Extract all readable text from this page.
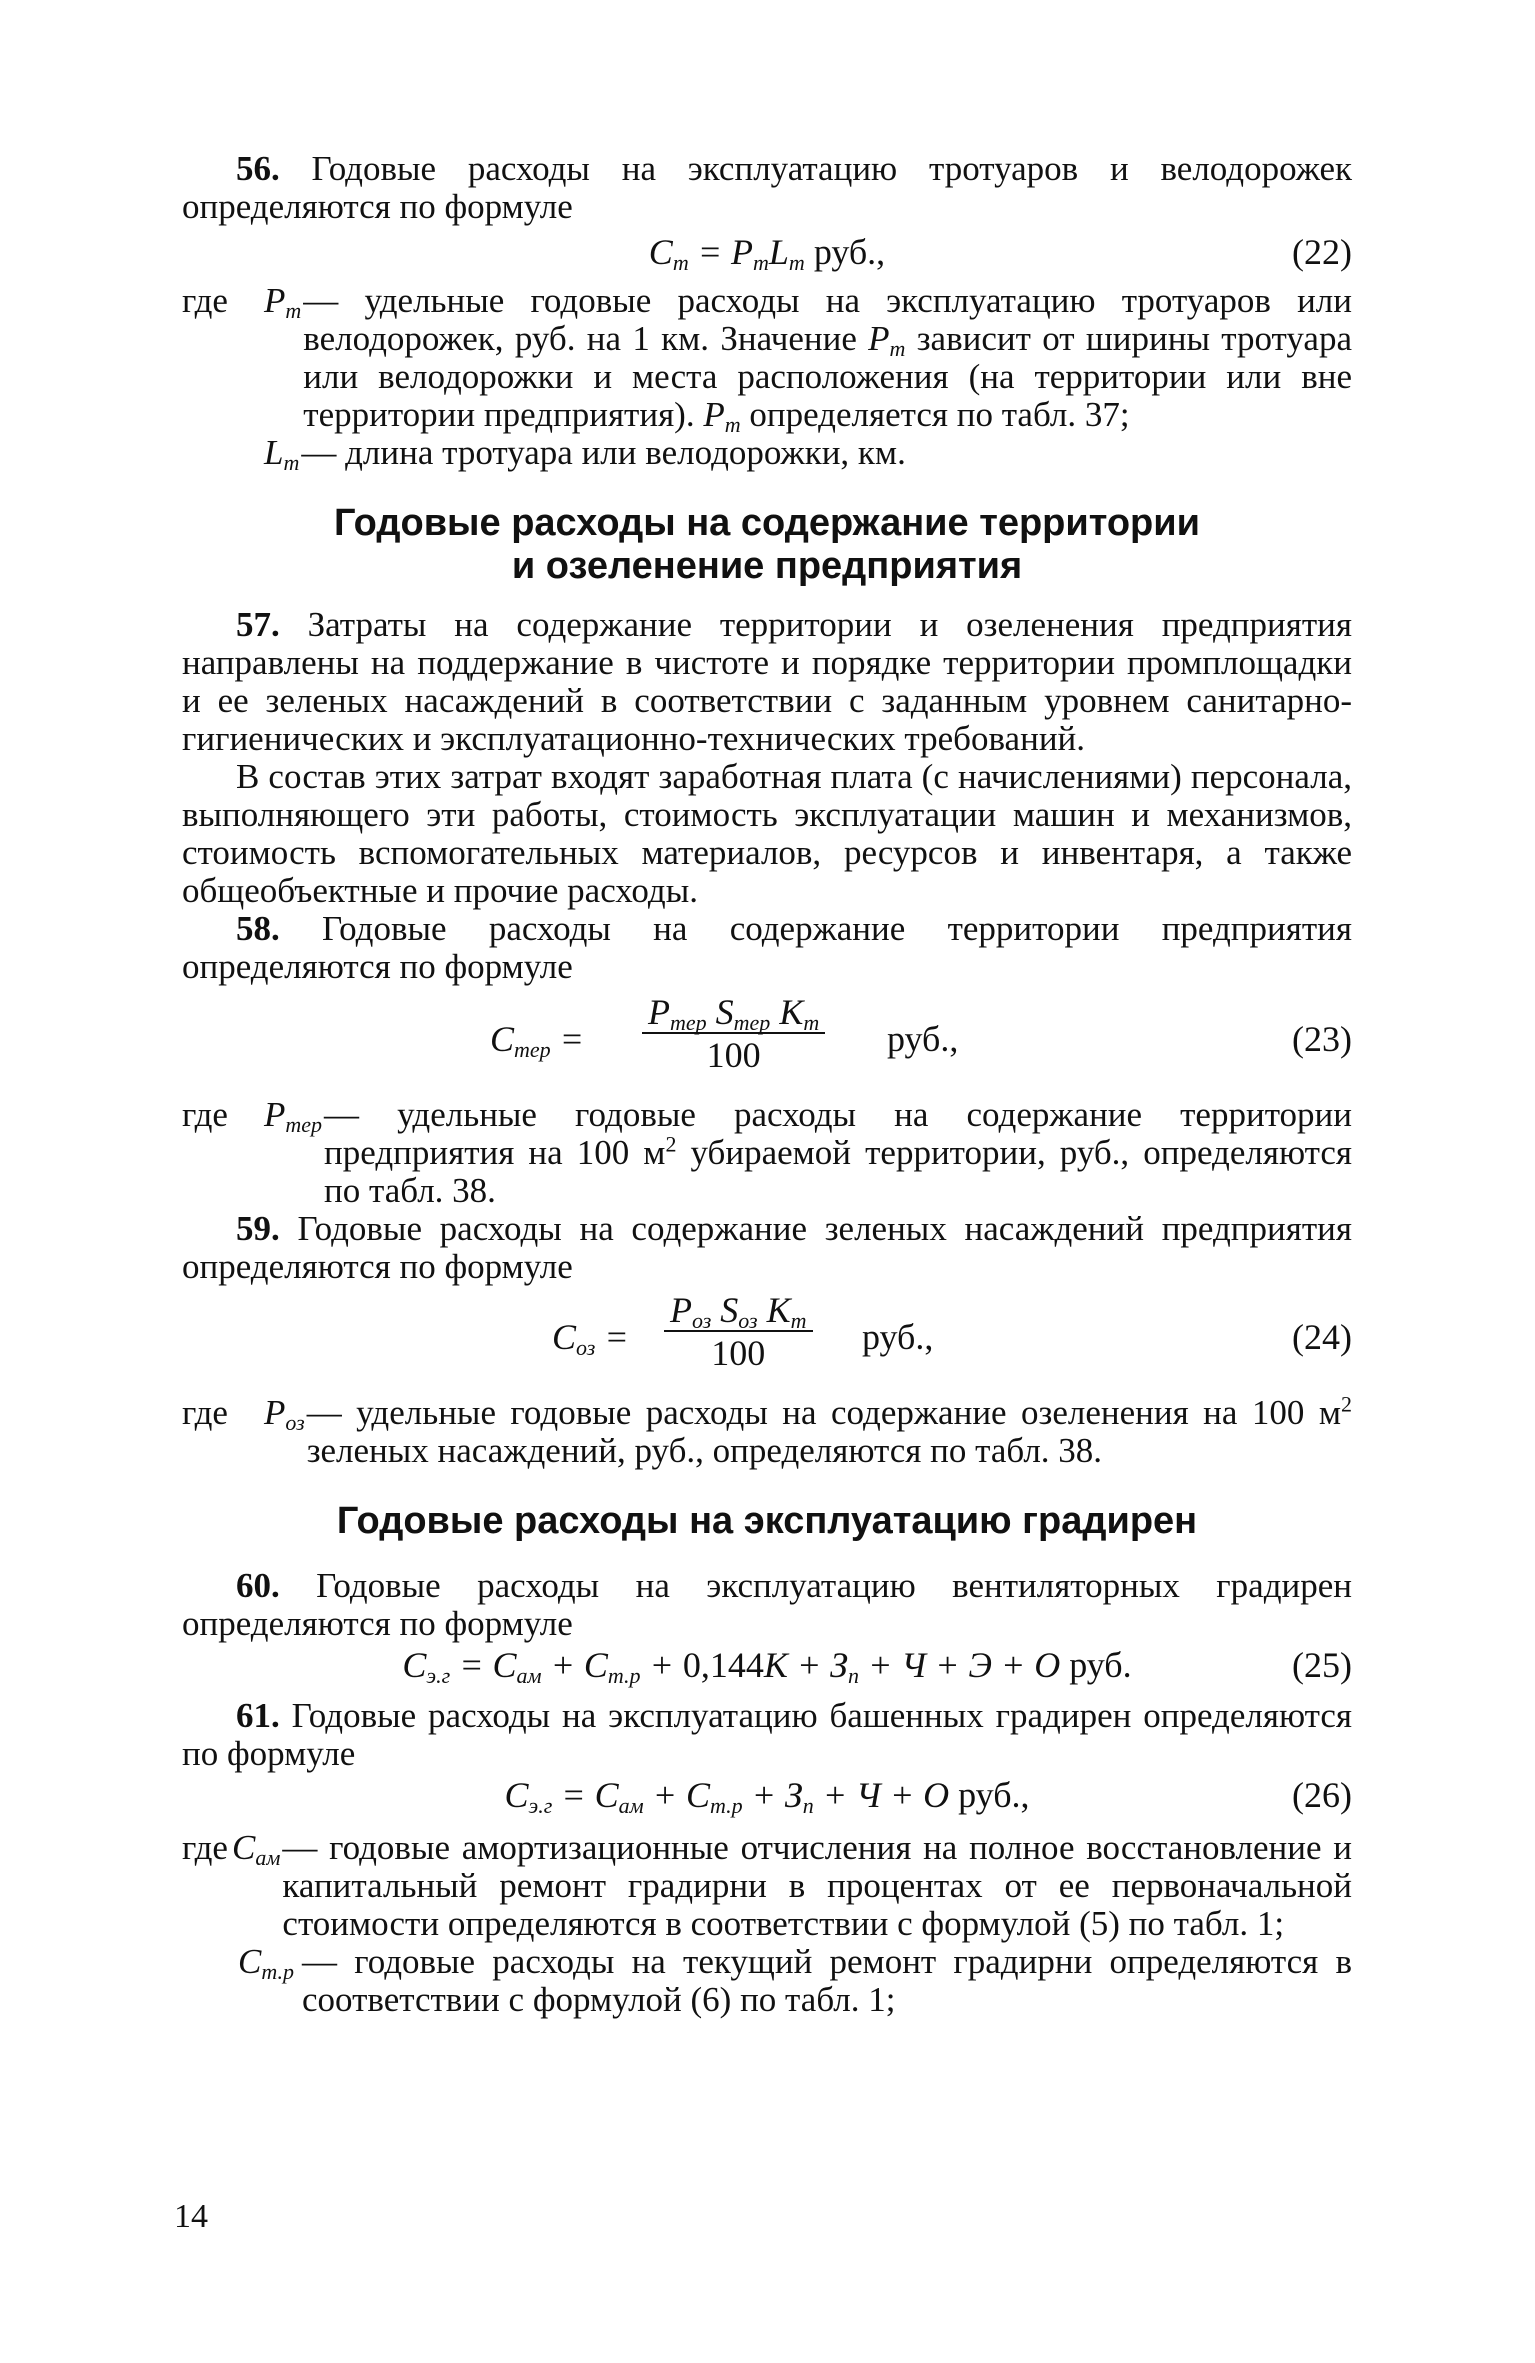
56. Годовые расходы на эксплуатацию тротуаров и велодорожек определяются по формуле

$C_т = P_тL_т$ руб.,	(22)
где	$P_т$ — удельные годовые расходы на эксплуатацию тротуаров или велодорожек, руб. на 1 км. Значение $P_т$ зависит от ширины тротуара или велодорожки и места расположения (на территории или вне территории предприятия). $P_т$ определяется по табл. 37;
$L_т$ — длина тротуара или велодорожки, км.

Годовые расходы на содержание территории

и озеленение предприятия

57. Затраты на содержание территории и озеленения предприятия направлены на поддержание в чистоте и порядке территории промплощадки и ее зеленых насаждений в соответствии с заданным уровнем санитарно-гигиенических и эксплуатационно-технических требований.

В состав этих затрат входят заработная плата (с начислениями) персонала, выполняющего эти работы, стоимость эксплуатации машин и механизмов, стоимость вспомогательных материалов, ресурсов и инвентаря, а также общеобъектные и прочие расходы.

58. Годовые расходы на содержание территории предприятия определяются по формуле

$C_{тер}$ =
$P_{тер}$ $S_{тер}$ $K_т$
100	руб.,	(23)
где	$P_{тер}$ — удельные годовые расходы на содержание территории предприятия на 100 $м^2$ убираемой территории, руб., определяются по табл. 38.

59. Годовые расходы на содержание зеленых насаждений предприятия определяются по формуле

$C_{оз}$ =
$P_{оз}$ $S_{оз}$ $K_т$
100	руб.,	(24)
где	$P_{оз}$ — удельные годовые расходы на содержание озеленения на 100 $м^2$ зеленых насаждений, руб., определяются по табл. 38.

Годовые расходы на эксплуатацию градирен

60. Годовые расходы на эксплуатацию вентиляторных градирен определяются по формуле

$C_{э.г} = C_{ам} + C_{т.р} + 0,144K + З_п + Ч + Э + О$ руб.	(25)

61. Годовые расходы на эксплуатацию башенных градирен определяются по формуле

$C_{э.г} = C_{ам} + C_{т.р} + З_п + Ч + О$ руб.,	(26)
где $C_{ам}$ — годовые амортизационные отчисления на полное восстановление и капитальный ремонт градирни в процентах от ее первоначальной стоимости определяются в соответствии с формулой (5) по табл. 1;
$C_{т.р}$ — годовые расходы на текущий ремонт градирни определяются в соответствии с формулой (6) по табл. 1;
14
